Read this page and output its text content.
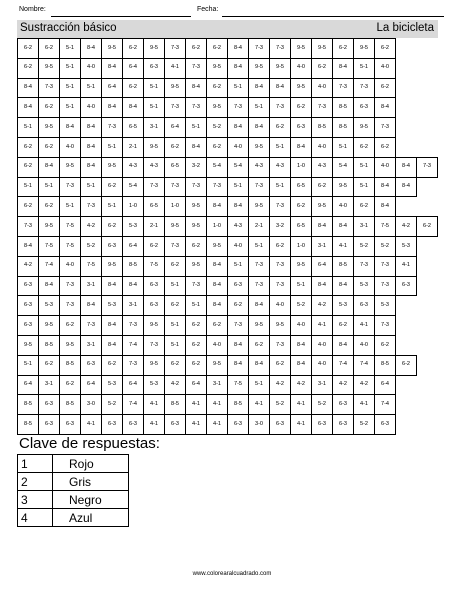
Nombre:	Fecha:
Sustracción básico	La bicicleta
6-2	6-2	5-1	8-4	9-5	6-2	9-5	7-3	6-2	6-2	8-4	7-3	7-3	9-5	9-5	6-2	9-5	6-2		
6-2	9-5	5-1	4-0	8-4	6-4	6-3	4-1	7-3	9-5	8-4	9-5	9-5	4-0	6-2	8-4	5-1	4-0		
8-4	7-3	5-1	5-1	6-4	6-2	5-1	9-5	8-4	6-2	5-1	8-4	8-4	9-5	4-0	7-3	7-3	6-2		
8-4	6-2	5-1	4-0	8-4	8-4	5-1	7-3	7-3	9-5	7-3	5-1	7-3	6-2	7-3	8-5	6-3	8-4		
5-1	9-5	8-4	8-4	7-3	6-5	3-1	6-4	5-1	5-2	8-4	8-4	6-2	6-3	8-5	8-5	9-5	7-3		
6-2	6-2	4-0	8-4	5-1	2-1	9-5	6-2	8-4	6-2	4-0	9-5	5-1	8-4	4-0	5-1	6-2	6-2		
6-2	8-4	9-5	8-4	9-5	4-3	4-3	6-5	3-2	5-4	5-4	4-3	4-3	1-0	4-3	5-4	5-1	4-0	8-4	7-3
5-1	5-1	7-3	5-1	6-2	5-4	7-3	7-3	7-3	7-3	5-1	7-3	5-1	6-5	6-2	9-5	5-1	8-4	8-4	
6-2	6-2	5-1	7-3	5-1	1-0	6-5	1-0	9-5	8-4	8-4	9-5	7-3	6-2	9-5	4-0	6-2	8-4		
7-3	9-5	7-5	4-2	6-2	5-3	2-1	9-5	9-5	1-0	4-3	2-1	3-2	6-5	8-4	8-4	3-1	7-5	4-2	6-2
8-4	7-5	7-5	5-2	6-3	6-4	6-2	7-3	6-2	9-5	4-0	5-1	6-2	1-0	3-1	4-1	5-2	5-2	5-3	
4-2	7-4	4-0	7-5	9-5	8-5	7-5	6-2	9-5	8-4	5-1	7-3	7-3	9-5	6-4	8-5	7-3	7-3	4-1	
6-3	8-4	7-3	3-1	8-4	8-4	6-3	5-1	7-3	8-4	6-3	7-3	7-3	5-1	8-4	8-4	5-3	7-3	6-3	
6-3	5-3	7-3	8-4	5-3	3-1	6-3	6-2	5-1	8-4	6-2	8-4	4-0	5-2	4-2	5-3	6-3	5-3		
6-3	9-5	6-2	7-3	8-4	7-3	9-5	5-1	6-2	6-2	7-3	9-5	9-5	4-0	4-1	6-2	4-1	7-3		
9-5	8-5	9-5	3-1	8-4	7-4	7-3	5-1	6-2	4-0	8-4	6-2	7-3	8-4	4-0	8-4	4-0	6-2		
5-1	6-2	8-5	6-3	6-2	7-3	9-5	6-2	6-2	9-5	8-4	8-4	6-2	8-4	4-0	7-4	7-4	8-5	6-2	
6-4	3-1	6-2	6-4	5-3	6-4	5-3	4-2	6-4	3-1	7-5	5-1	4-2	4-2	3-1	4-2	4-2	6-4		
8-5	6-3	8-5	3-0	5-2	7-4	4-1	8-5	4-1	4-1	8-5	4-1	5-2	4-1	5-2	6-3	4-1	7-4		
8-5	6-3	6-3	4-1	6-3	6-3	4-1	6-3	4-1	4-1	6-3	3-0	6-3	4-1	6-3	6-3	5-2	6-3		
Clave de respuestas:
1	Rojo
2	Gris
3	Negro
4	Azul
www.colorearalcuadrado.com
